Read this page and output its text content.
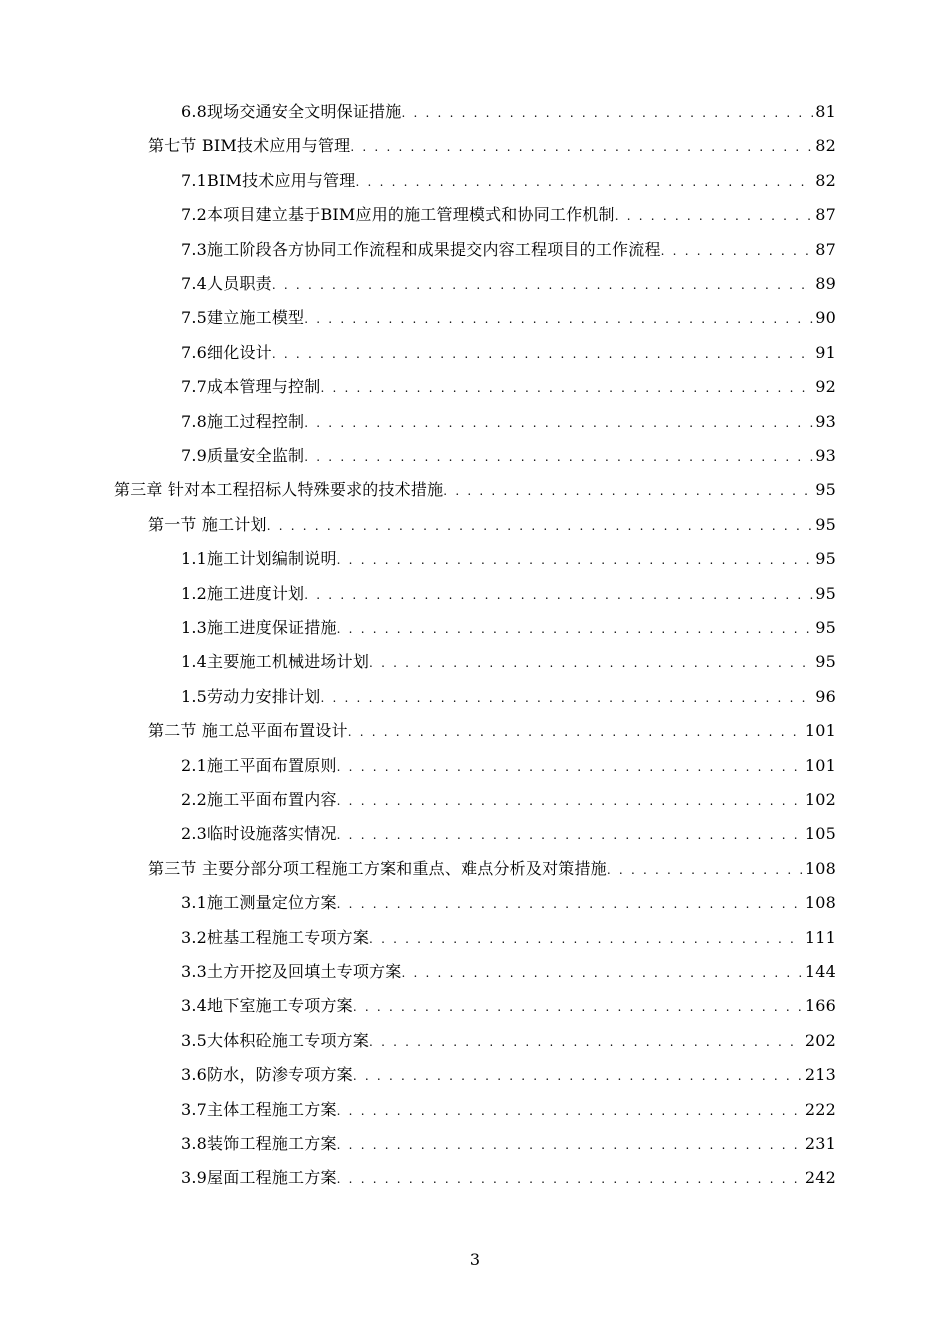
6.8现场交通安全文明保证措施 . . .	81
第七节 BIM技术应用与管理 . . .	82
7.1BIM技术应用与管理 . . .	82
7.2本项目建立基于BIM应用的施工管理模式和协同工作机制 . . .	87
7.3施工阶段各方协同工作流程和成果提交内容工程项目的工作流程 . . .	87
7.4人员职责 . . .	89
7.5建立施工模型 . . .	90
7.6细化设计 . . .	91
7.7成本管理与控制 . . .	92
7.8施工过程控制 . . .	93
7.9质量安全监制 . . .	93
第三章 针对本工程招标人特殊要求的技术措施 . . .	95
第一节 施工计划 . . .	95
1.1施工计划编制说明 . . .	95
1.2施工进度计划 . . .	95
1.3施工进度保证措施 . . .	95
1.4主要施工机械进场计划 . . .	95
1.5劳动力安排计划 . . .	96
第二节 施工总平面布置设计 . . .	101
2.1施工平面布置原则 . . .	101
2.2施工平面布置内容 . . .	102
2.3临时设施落实情况 . . .	105
第三节 主要分部分项工程施工方案和重点、难点分析及对策措施 . . .	108
3.1施工测量定位方案 . . .	108
3.2桩基工程施工专项方案 . . .	111
3.3土方开挖及回填土专项方案 . . .	144
3.4地下室施工专项方案 . . .	166
3.5大体积砼施工专项方案 . . .	202
3.6防水，防渗专项方案 . . .	213
3.7主体工程施工方案 . . .	222
3.8装饰工程施工方案 . . .	231
3.9屋面工程施工方案 . . .	242
3
